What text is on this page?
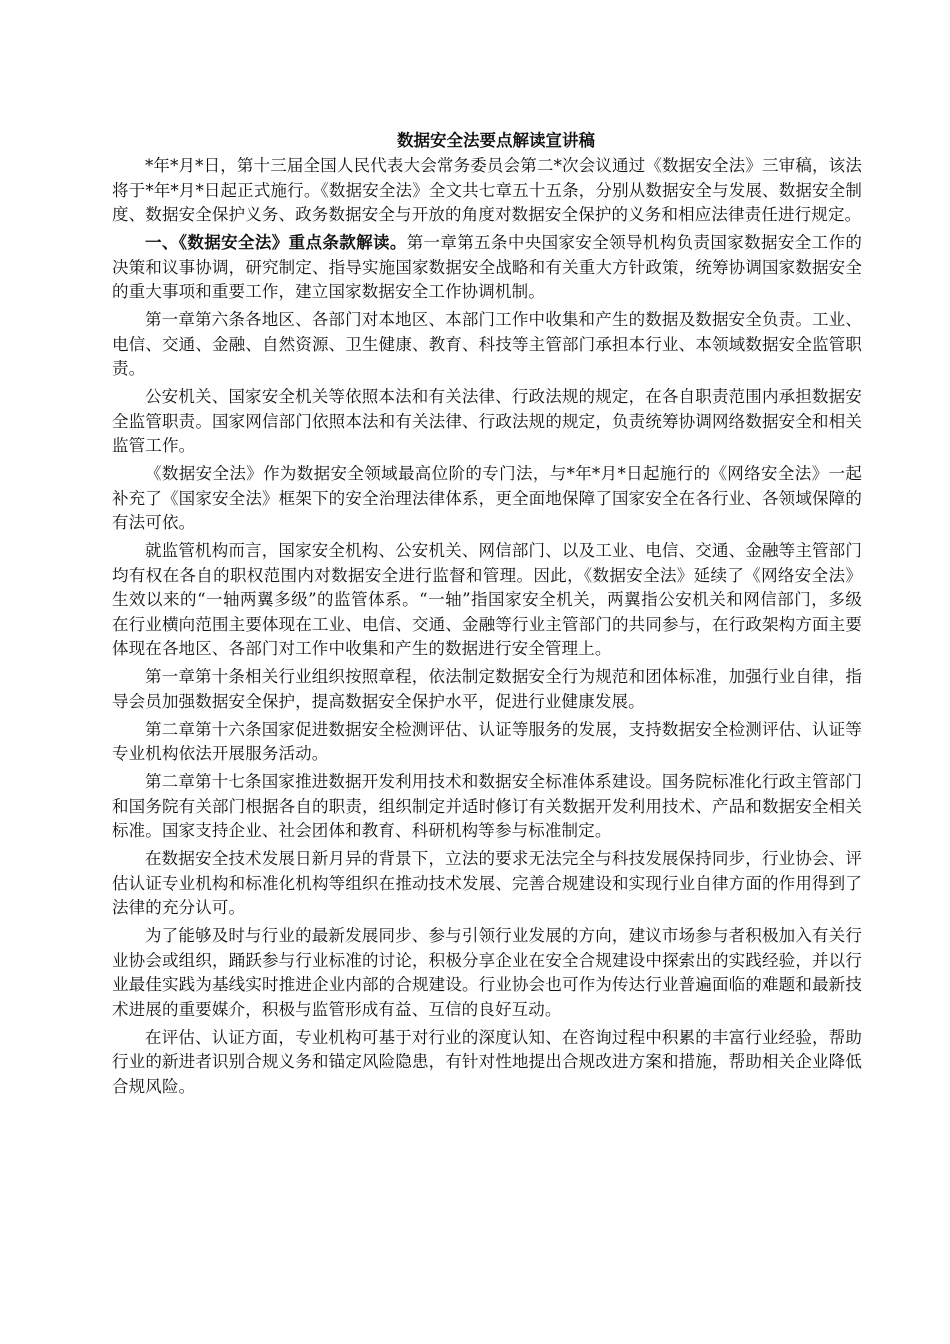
数据安全法要点解读宣讲稿

*年*月*日，第十三届全国人民代表大会常务委员会第二*次会议通过《数据安全法》三审稿，该法将于*年*月*日起正式施行。《数据安全法》全文共七章五十五条，分别从数据安全与发展、数据安全制度、数据安全保护义务、政务数据安全与开放的角度对数据安全保护的义务和相应法律责任进行规定。

一、《数据安全法》重点条款解读。第一章第五条中央国家安全领导机构负责国家数据安全工作的决策和议事协调，研究制定、指导实施国家数据安全战略和有关重大方针政策，统筹协调国家数据安全的重大事项和重要工作，建立国家数据安全工作协调机制。

第一章第六条各地区、各部门对本地区、本部门工作中收集和产生的数据及数据安全负责。工业、电信、交通、金融、自然资源、卫生健康、教育、科技等主管部门承担本行业、本领域数据安全监管职责。

公安机关、国家安全机关等依照本法和有关法律、行政法规的规定，在各自职责范围内承担数据安全监管职责。国家网信部门依照本法和有关法律、行政法规的规定，负责统筹协调网络数据安全和相关监管工作。

《数据安全法》作为数据安全领域最高位阶的专门法，与*年*月*日起施行的《网络安全法》一起补充了《国家安全法》框架下的安全治理法律体系，更全面地保障了国家安全在各行业、各领域保障的有法可依。

就监管机构而言，国家安全机构、公安机关、网信部门、以及工业、电信、交通、金融等主管部门均有权在各自的职权范围内对数据安全进行监督和管理。因此，《数据安全法》延续了《网络安全法》生效以来的“一轴两翼多级”的监管体系。“一轴”指国家安全机关，两翼指公安机关和网信部门，多级在行业横向范围主要体现在工业、电信、交通、金融等行业主管部门的共同参与，在行政架构方面主要体现在各地区、各部门对工作中收集和产生的数据进行安全管理上。

第一章第十条相关行业组织按照章程，依法制定数据安全行为规范和团体标准，加强行业自律，指导会员加强数据安全保护，提高数据安全保护水平，促进行业健康发展。

第二章第十六条国家促进数据安全检测评估、认证等服务的发展，支持数据安全检测评估、认证等专业机构依法开展服务活动。

第二章第十七条国家推进数据开发利用技术和数据安全标准体系建设。国务院标准化行政主管部门和国务院有关部门根据各自的职责，组织制定并适时修订有关数据开发利用技术、产品和数据安全相关标准。国家支持企业、社会团体和教育、科研机构等参与标准制定。

在数据安全技术发展日新月异的背景下，立法的要求无法完全与科技发展保持同步，行业协会、评估认证专业机构和标准化机构等组织在推动技术发展、完善合规建设和实现行业自律方面的作用得到了法律的充分认可。

为了能够及时与行业的最新发展同步、参与引领行业发展的方向，建议市场参与者积极加入有关行业协会或组织，踊跃参与行业标准的讨论，积极分享企业在安全合规建设中探索出的实践经验，并以行业最佳实践为基线实时推进企业内部的合规建设。行业协会也可作为传达行业普遍面临的难题和最新技术进展的重要媒介，积极与监管形成有益、互信的良好互动。

在评估、认证方面，专业机构可基于对行业的深度认知、在咨询过程中积累的丰富行业经验，帮助行业的新进者识别合规义务和锚定风险隐患，有针对性地提出合规改进方案和措施，帮助相关企业降低合规风险。
